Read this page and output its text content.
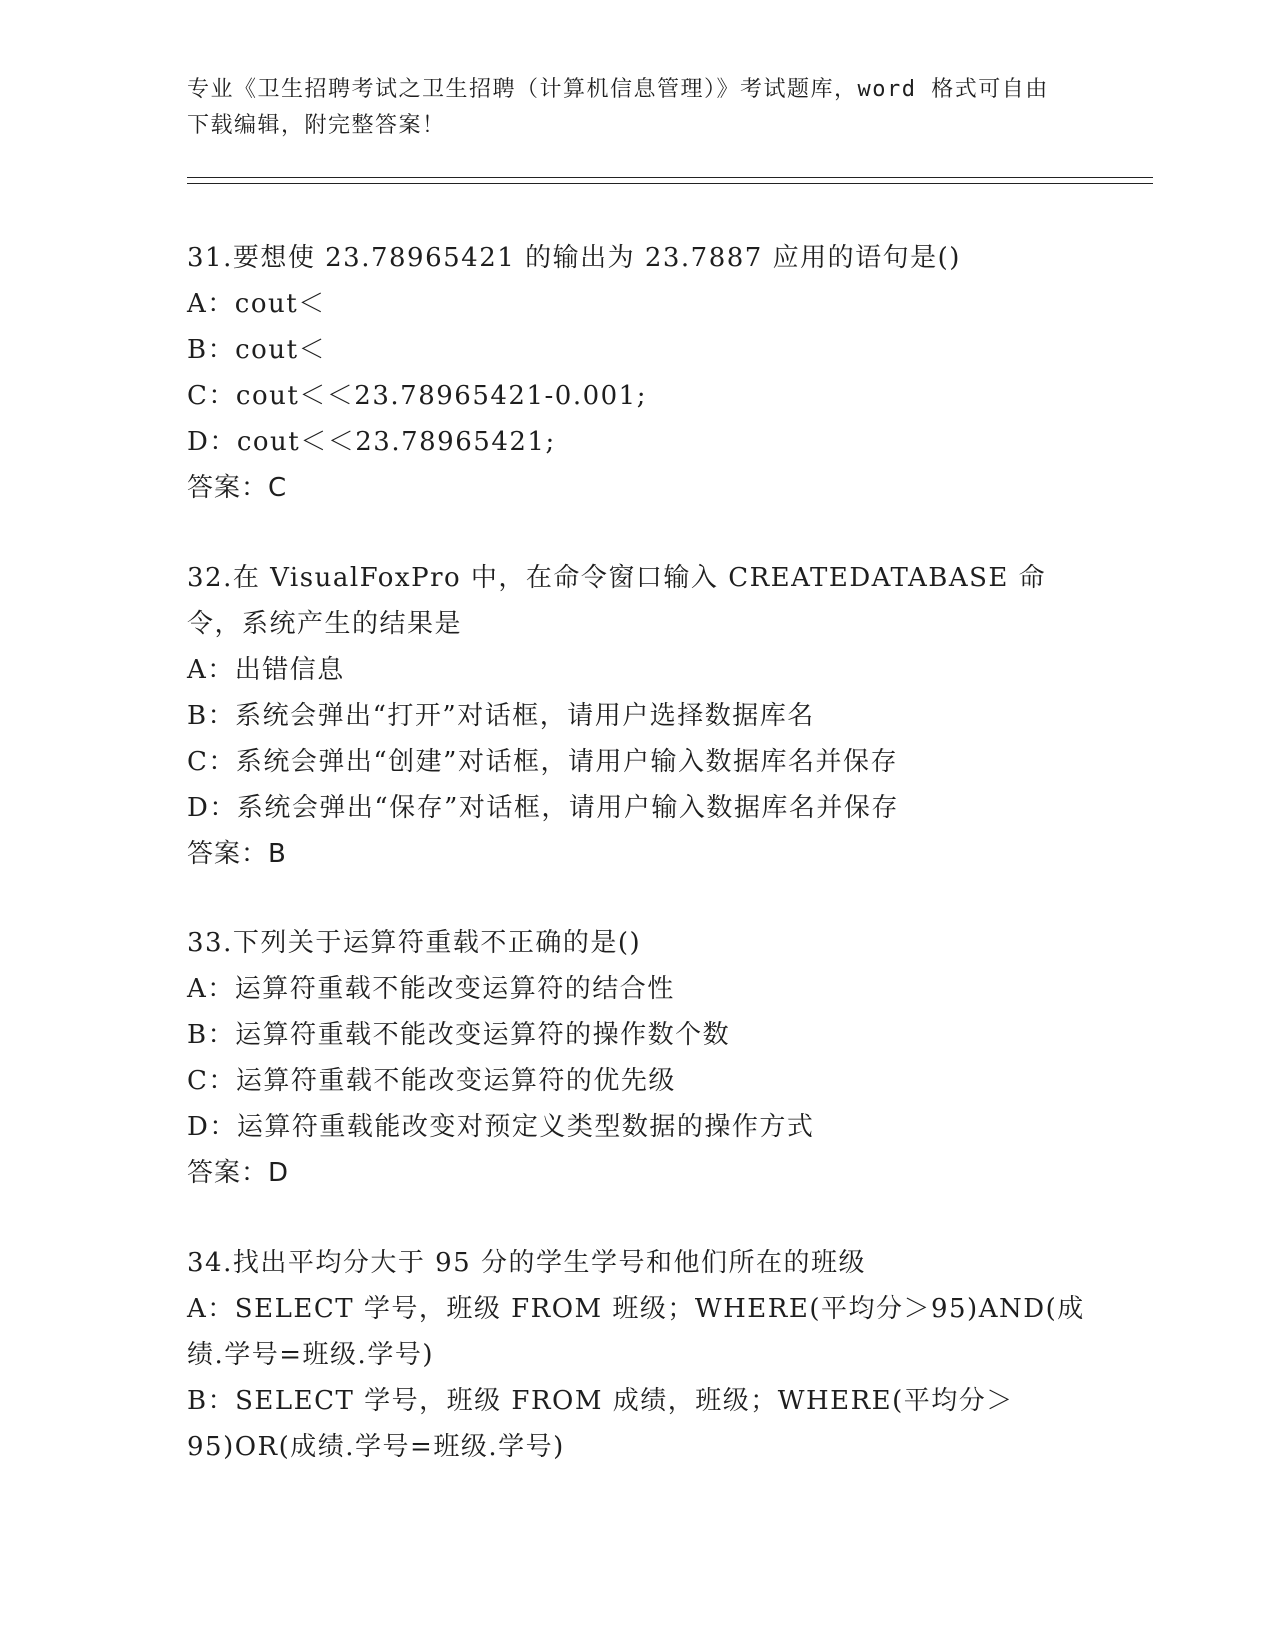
专业《卫生招聘考试之卫生招聘（计算机信息管理）》考试题库，word 格式可自由下载编辑，附完整答案！
31.要想使 23.78965421 的输出为 23.7887 应用的语句是()
A：cout＜
B：cout＜
C：cout＜＜23.78965421-0.001;
D：cout＜＜23.78965421;
答案：C
32.在 VisualFoxPro 中，在命令窗口输入 CREATEDATABASE 命令，系统产生的结果是
A：出错信息
B：系统会弹出“打开”对话框，请用户选择数据库名
C：系统会弹出“创建”对话框，请用户输入数据库名并保存
D：系统会弹出“保存”对话框，请用户输入数据库名并保存
答案：B
33.下列关于运算符重载不正确的是()
A：运算符重载不能改变运算符的结合性
B：运算符重载不能改变运算符的操作数个数
C：运算符重载不能改变运算符的优先级
D：运算符重载能改变对预定义类型数据的操作方式
答案：D
34.找出平均分大于 95 分的学生学号和他们所在的班级
A：SELECT 学号，班级 FROM 班级；WHERE(平均分＞95)AND(成绩.学号=班级.学号)
B：SELECT 学号，班级 FROM 成绩，班级；WHERE(平均分＞95)OR(成绩.学号=班级.学号)
